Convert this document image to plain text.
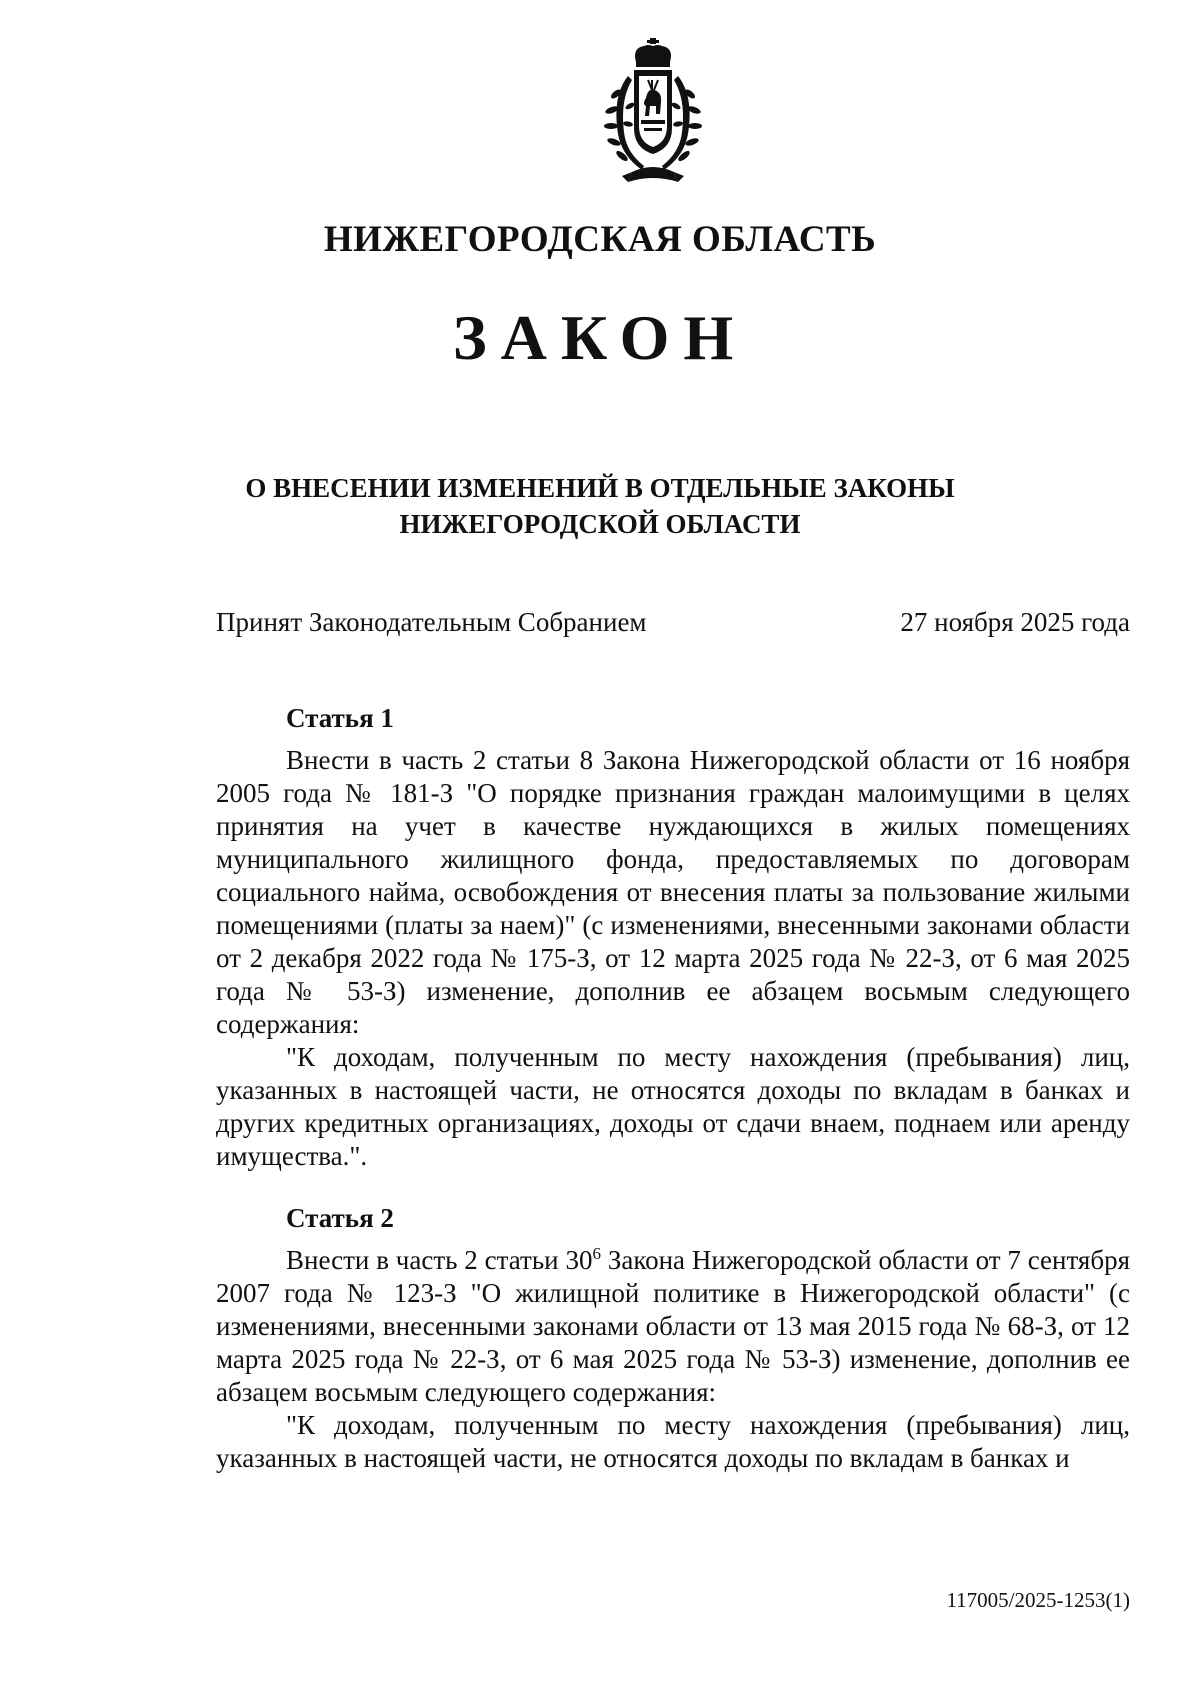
НИЖЕГОРОДСКАЯ ОБЛАСТЬ
ЗАКОН
О ВНЕСЕНИИ ИЗМЕНЕНИЙ В ОТДЕЛЬНЫЕ ЗАКОНЫ
НИЖЕГОРОДСКОЙ ОБЛАСТИ
Принят Законодательным Собранием	27 ноября 2025 года
Статья 1

Внести в часть 2 статьи 8 Закона Нижегородской области от 16 ноября 2005 года № 181-З "О порядке признания граждан малоимущими в целях принятия на учет в качестве нуждающихся в жилых помещениях муниципального жилищного фонда, предоставляемых по договорам социального найма, освобождения от внесения платы за пользование жилыми помещениями (платы за наем)" (с изменениями, внесенными законами области от 2 декабря 2022 года № 175-З, от 12 марта 2025 года № 22-З, от 6 мая 2025 года № 53-З) изменение, дополнив ее абзацем восьмым следующего содержания:

"К доходам, полученным по месту нахождения (пребывания) лиц, указанных в настоящей части, не относятся доходы по вкладам в банках и других кредитных организациях, доходы от сдачи внаем, поднаем или аренду имущества.".

Статья 2

Внести в часть 2 статьи $30^6$ Закона Нижегородской области от 7 сентября 2007 года № 123-З "О жилищной политике в Нижегородской области" (с изменениями, внесенными законами области от 13 мая 2015 года № 68-З, от 12 марта 2025 года № 22-З, от 6 мая 2025 года № 53-З) изменение, дополнив ее абзацем восьмым следующего содержания:

"К доходам, полученным по месту нахождения (пребывания) лиц, указанных в настоящей части, не относятся доходы по вкладам в банках и

117005/2025-1253(1)
